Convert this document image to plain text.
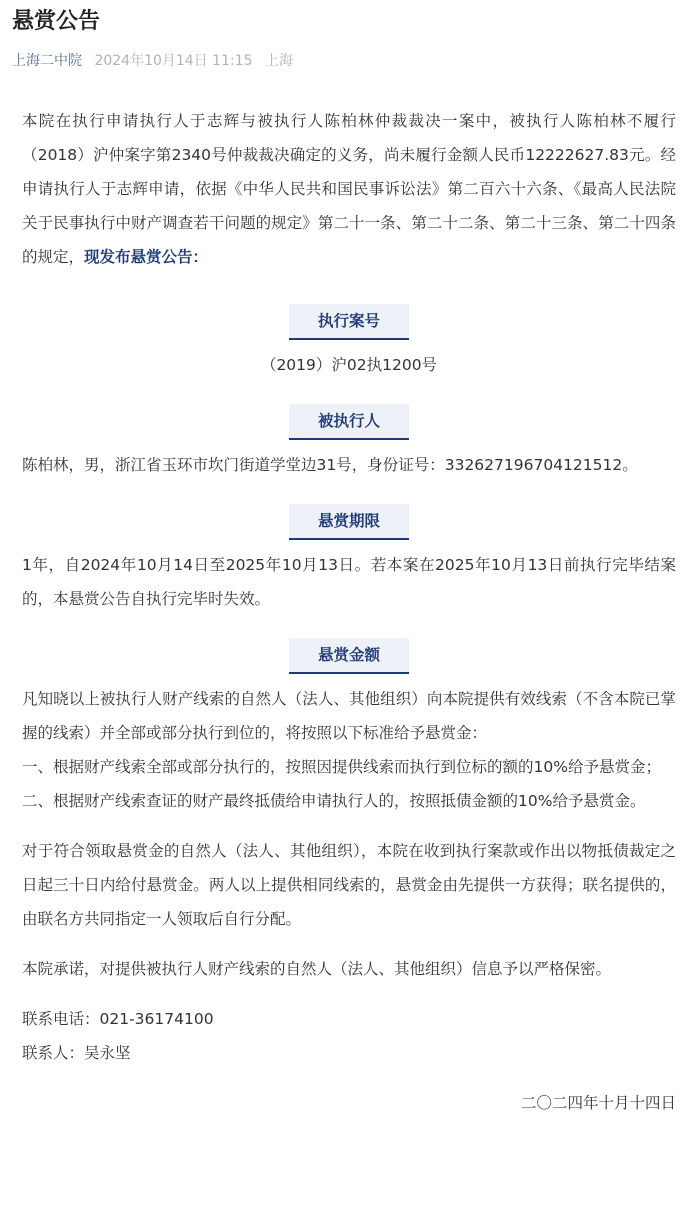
悬赏公告
上海二中院 2024年10月14日 11:15 上海

本院在执行申请执行人于志辉与被执行人陈柏林仲裁裁决一案中，被执行人陈柏林不履行（2018）沪仲案字第2340号仲裁裁决确定的义务，尚未履行金额人民币12222627.83元。经申请执行人于志辉申请，依据《中华人民共和国民事诉讼法》第二百六十六条、《最高人民法院关于民事执行中财产调查若干问题的规定》第二十一条、第二十二条、第二十三条、第二十四条的规定，现发布悬赏公告：

执行案号

（2019）沪02执1200号

被执行人

陈柏林，男，浙江省玉环市坎门街道学堂边31号，身份证号：332627196704121512。

悬赏期限

1年，自2024年10月14日至2025年10月13日。若本案在2025年10月13日前执行完毕结案的，本悬赏公告自执行完毕时失效。

悬赏金额

凡知晓以上被执行人财产线索的自然人（法人、其他组织）向本院提供有效线索（不含本院已掌握的线索）并全部或部分执行到位的，将按照以下标准给予悬赏金：

一、根据财产线索全部或部分执行的，按照因提供线索而执行到位标的额的10%给予悬赏金；

二、根据财产线索查证的财产最终抵债给申请执行人的，按照抵债金额的10%给予悬赏金。

对于符合领取悬赏金的自然人（法人、其他组织），本院在收到执行案款或作出以物抵债裁定之日起三十日内给付悬赏金。两人以上提供相同线索的，悬赏金由先提供一方获得；联名提供的，由联名方共同指定一人领取后自行分配。

本院承诺，对提供被执行人财产线索的自然人（法人、其他组织）信息予以严格保密。

联系电话：021-36174100

联系人：吴永坚

二〇二四年十月十四日
